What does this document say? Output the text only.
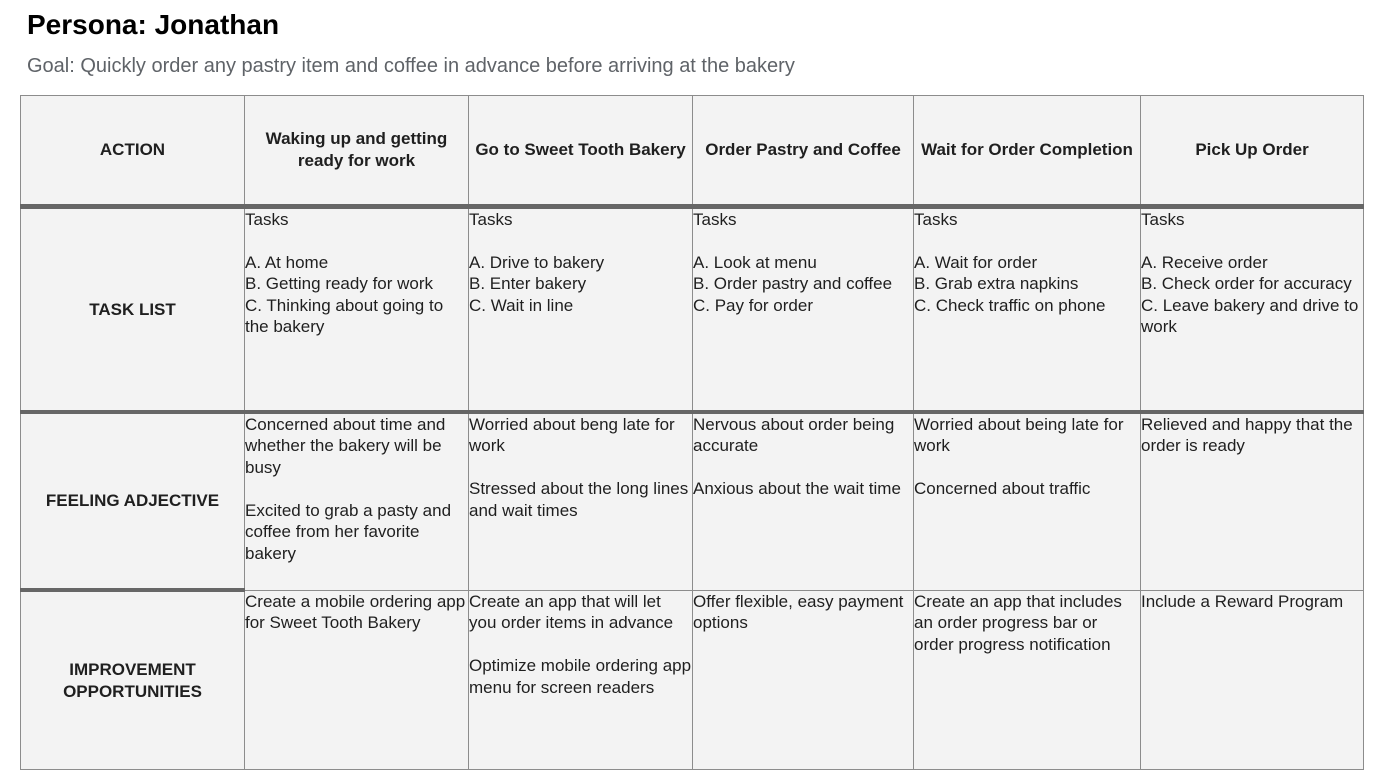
Persona: Jonathan
Goal: Quickly order any pastry item and coffee in advance before arriving at the bakery
ACTION	Waking up and getting ready for work	Go to Sweet Tooth Bakery	Order Pastry and Coffee	Wait for Order Completion	Pick Up Order
TASK LIST	Tasks
A. At home
B. Getting ready for work
C. Thinking about going to the bakery	Tasks
A. Drive to bakery
B. Enter bakery
C. Wait in line	Tasks
A. Look at menu
B. Order pastry and coffee
C. Pay for order	Tasks
A. Wait for order
B. Grab extra napkins
C. Check traffic on phone	Tasks
A. Receive order
B. Check order for accuracy
C. Leave bakery and drive to work

FEELING ADJECTIVE	Concerned about time and whether the bakery will be busy
Excited to grab a pasty and coffee from her favorite bakery	Worried about beng late for work
Stressed about the long lines and wait times	Nervous about order being accurate
Anxious about the wait time	Worried about being late for work
Concerned about traffic	Relieved and happy that the order is ready

IMPROVEMENT OPPORTUNITIES	Create a mobile ordering app for Sweet Tooth Bakery	Create an app that will let you order items in advance
Optimize mobile ordering app menu for screen readers	Offer flexible, easy payment options	Create an app that includes an order progress bar or order progress notification	Include a Reward Program
